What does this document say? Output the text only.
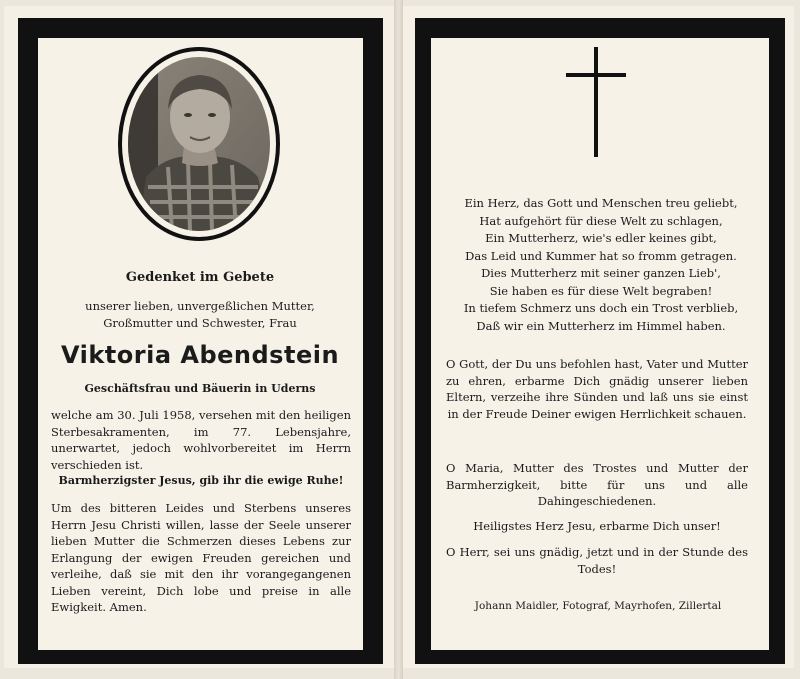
Gedenket im Gebete
unserer lieben, unvergeßlichen Mutter, Großmutter und Schwester, Frau
Viktoria Abendstein
Geschäftsfrau und Bäuerin in Uderns
welche am 30. Juli 1958, versehen mit den heiligen Sterbesakramenten, im 77. Lebensjahre, unerwartet, jedoch wohlvorbereitet im Herrn verschieden ist.
Barmherzigster Jesus, gib ihr die ewige Ruhe!
Um des bitteren Leides und Sterbens unseres Herrn Jesu Christi willen, lasse der Seele unserer lieben Mutter die Schmerzen dieses Lebens zur Erlangung der ewigen Freuden gereichen und verleihe, daß sie mit den ihr vorangegangenen Lieben vereint, Dich lobe und preise in alle Ewigkeit. Amen.
Ein Herz, das Gott und Menschen treu geliebt,
Hat aufgehört für diese Welt zu schlagen,
Ein Mutterherz, wie's edler keines gibt,
Das Leid und Kummer hat so fromm getragen.
Dies Mutterherz mit seiner ganzen Lieb',
Sie haben es für diese Welt begraben!
In tiefem Schmerz uns doch ein Trost verblieb,
Daß wir ein Mutterherz im Himmel haben.
O Gott, der Du uns befohlen hast, Vater und Mutter zu ehren, erbarme Dich gnädig unserer lieben Eltern, verzeihe ihre Sünden und laß uns sie einst in der Freude Deiner ewigen Herrlichkeit schauen.
O Maria, Mutter des Trostes und Mutter der Barmherzigkeit, bitte für uns und alle Dahingeschiedenen.
Heiligstes Herz Jesu, erbarme Dich unser!
O Herr, sei uns gnädig, jetzt und in der Stunde des Todes!
Johann Maidler, Fotograf, Mayrhofen, Zillertal
